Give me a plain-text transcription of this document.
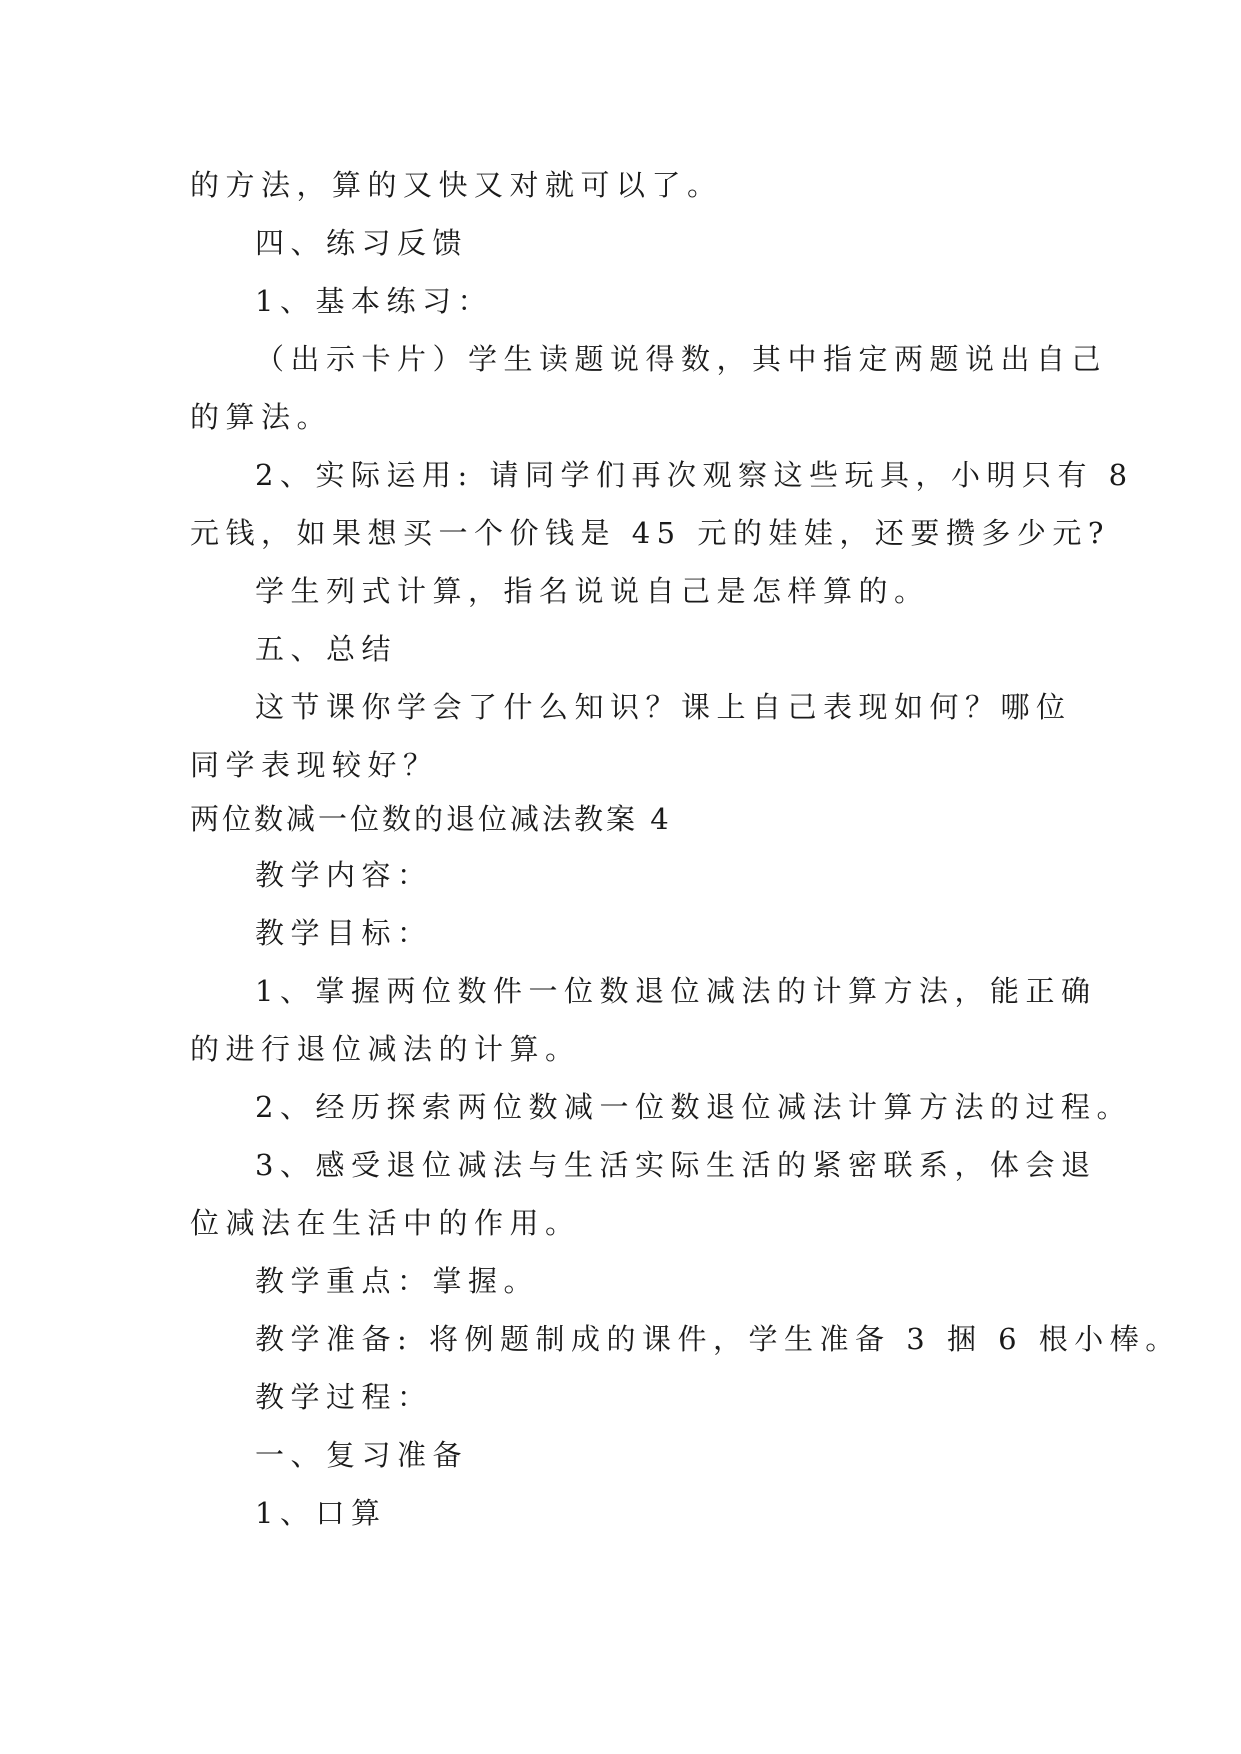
的方法，算的又快又对就可以了。
四、练习反馈
1、基本练习：
（出示卡片）学生读题说得数，其中指定两题说出自己
的算法。
2、实际运用: 请同学们再次观察这些玩具，小明只有 8
元钱，如果想买一个价钱是 45 元的娃娃，还要攒多少元?
学生列式计算，指名说说自己是怎样算的。
五、总结
这节课你学会了什么知识？课上自己表现如何？哪位
同学表现较好？
两位数减一位数的退位减法教案 4
教学内容：
教学目标：
1、掌握两位数件一位数退位减法的计算方法，能正确
的进行退位减法的计算。
2、经历探索两位数减一位数退位减法计算方法的过程。
3、感受退位减法与生活实际生活的紧密联系，体会退
位减法在生活中的作用。
教学重点：掌握。
教学准备: 将例题制成的课件，学生准备 3 捆 6 根小棒。
教学过程：
一、复习准备
1、口算
